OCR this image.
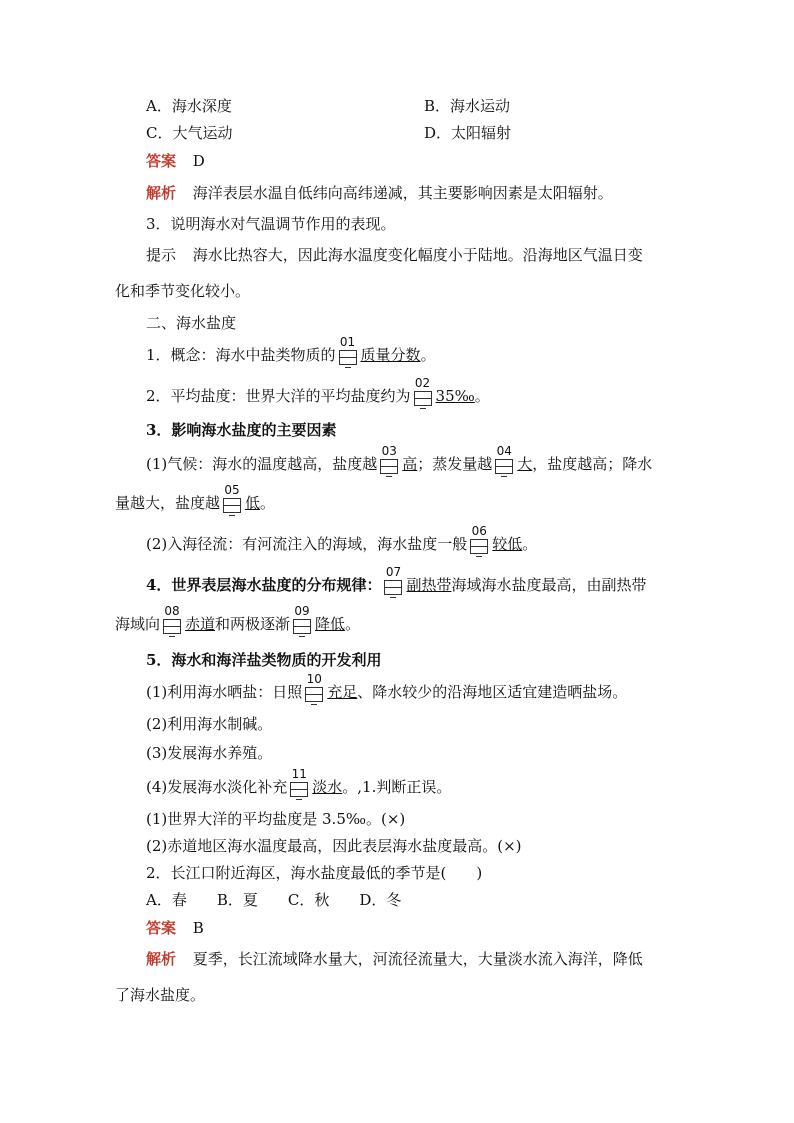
A．海水深度	B．海水运动
C．大气运动	D．太阳辐射
答案 D
解析 海洋表层水温自低纬向高纬递减，其主要影响因素是太阳辐射。
3．说明海水对气温调节作用的表现。
提示 海水比热容大，因此海水温度变化幅度小于陆地。沿海地区气温日变
化和季节变化较小。
二、海水盐度
1．概念：海水中盐类物质的
01
质量分数。
2．平均盐度：世界大洋的平均盐度约为
02
35‰。
3．影响海水盐度的主要因素
(1)气候：海水的温度越高，盐度越
03
高；蒸发量越
04
大，盐度越高；降水
量越大，盐度越
05
低。
(2)入海径流：有河流注入的海域，海水盐度一般
06
较低。
4．世界表层海水盐度的分布规律：
07
副热带海域海水盐度最高，由副热带
海域向
08
赤道和两极逐渐
09
降低。
5．海水和海洋盐类物质的开发利用
(1)利用海水晒盐：日照
10
充足、降水较少的沿海地区适宜建造晒盐场。
(2)利用海水制碱。
(3)发展海水养殖。
(4)发展海水淡化补充
11
淡水。,1.判断正误。
(1)世界大洋的平均盐度是 3.5‰。(×)
(2)赤道地区海水温度最高，因此表层海水盐度最高。(×)
2．长江口附近海区，海水盐度最低的季节是(　　)
A．春　　B．夏　　C．秋　　D．冬
答案 B
解析 夏季，长江流域降水量大，河流径流量大，大量淡水流入海洋，降低
了海水盐度。
